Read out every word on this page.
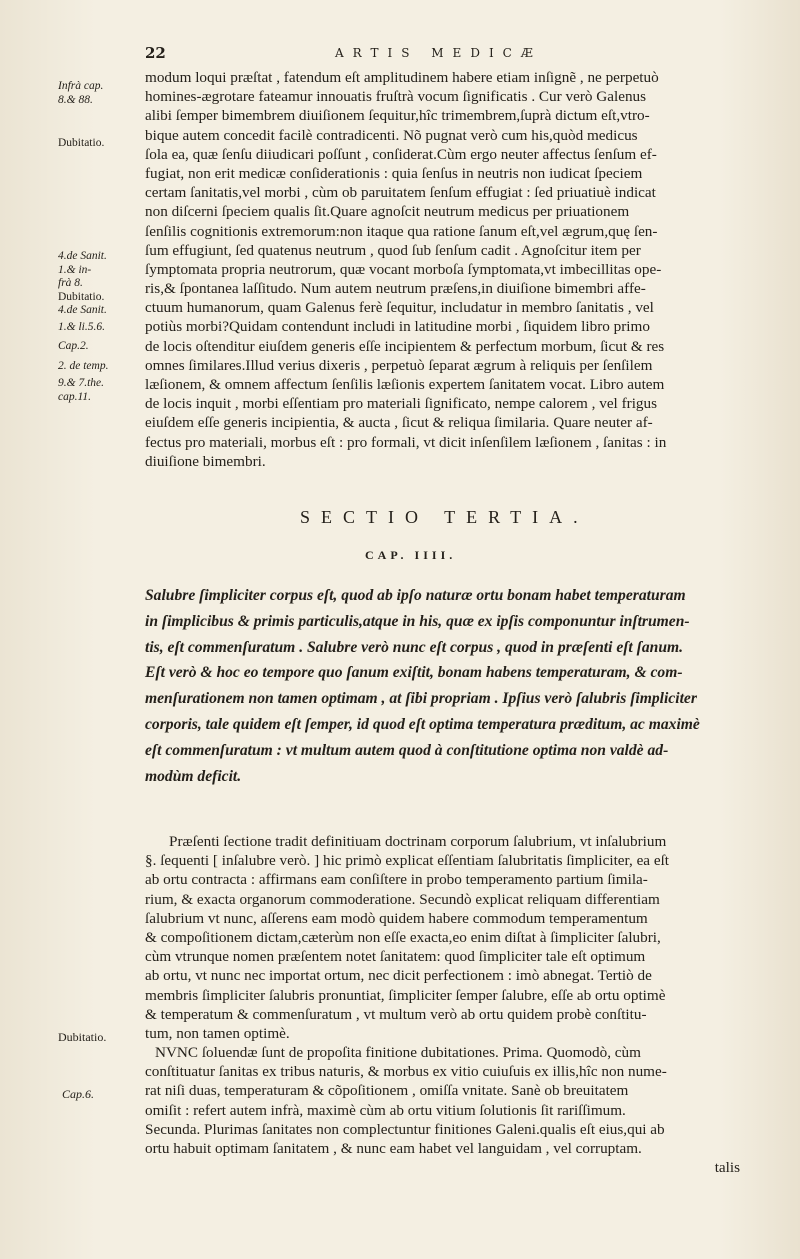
22	ARTIS MEDICÆ
Infrà cap.
8.& 88.
Dubitatio.
4.de Sanit.
1.& in-
frà 8.
Dubitatio.
4.de Sanit.
1.& li.5.6.
Cap.2.
2. de temp.
9.& 7.the.
cap.11.
modum loqui præſtat , fatendum eſt amplitudinem habere etiam inſignẽ , ne perpetuò
homines-ægrotare fateamur innouatis fruſtrà vocum ſignificatis . Cur verò Galenus
alibi ſemper bimembrem diuiſionem ſequitur,hîc trimembrem,ſuprà dictum eſt,vtro-
bique autem concedit facilè contradicenti. Nõ pugnat verò cum his,quòd medicus
ſola ea, quæ ſenſu diiudicari poſſunt , conſiderat.Cùm ergo neuter affectus ſenſum ef-
fugiat, non erit medicæ conſiderationis : quia ſenſus in neutris non iudicat ſpeciem
certam ſanitatis,vel morbi , cùm ob paruitatem ſenſum effugiat : ſed priuatiuè indicat
non diſcerni ſpeciem qualis ſit.Quare agnoſcit neutrum medicus per priuationem
ſenſilis cognitionis extremorum:non itaque qua ratione ſanum eſt,vel ægrum,quę ſen-
ſum effugiunt, ſed quatenus neutrum , quod ſub ſenſum cadit . Agnoſcitur item per
ſymptomata propria neutrorum, quæ vocant morboſa ſymptomata,vt imbecillitas ope-
ris,& ſpontanea laſſitudo. Num autem neutrum præſens,in diuiſione bimembri affe-
ctuum humanorum, quam Galenus ferè ſequitur, includatur in membro ſanitatis , vel
potiùs morbi?Quidam contendunt includi in latitudine morbi , ſiquidem libro primo
de locis oſtenditur eiuſdem generis eſſe incipientem & perfectum morbum, ſicut & res
omnes ſimilares.Illud verius dixeris , perpetuò ſeparat ægrum à reliquis per ſenſilem
læſionem, & omnem affectum ſenſilis læſionis expertem ſanitatem vocat. Libro autem
de locis inquit , morbi eſſentiam pro materiali ſignificato, nempe calorem , vel frigus
eiuſdem eſſe generis incipientia, & aucta , ſicut & reliqua ſimilaria. Quare neuter af-
fectus pro materiali, morbus eſt : pro formali, vt dicit inſenſilem læſionem , ſanitas : in
diuiſione bimembri.
SECTIO TERTIA.
CAP. IIII.
Salubre ſimpliciter corpus eſt, quod ab ipſo naturæ ortu bonam habet temperaturam
in ſimplicibus & primis particulis,atque in his, quæ ex ipſis componuntur inſtrumen-
tis, eſt commenſuratum . Salubre verò nunc eſt corpus , quod in præſenti eſt ſanum.
Eſt verò & hoc eo tempore quo ſanum exiſtit, bonam habens temperaturam, & com-
menſurationem non tamen optimam , at ſibi propriam . Ipſius verò ſalubris ſimpliciter
corporis, tale quidem eſt ſemper, id quod eſt optima temperatura præditum, ac maximè
eſt commenſuratum : vt multum autem quod à conſtitutione optima non valdè ad-
modùm deficit.
Præſenti ſectione tradit definitiuam doctrinam corporum ſalubrium, vt inſalubrium
§. ſequenti [ inſalubre verò. ] hic primò explicat eſſentiam ſalubritatis ſimpliciter, ea eſt
ab ortu contracta : affirmans eam conſiſtere in probo temperamento partium ſimila-
rium, & exacta organorum commoderatione. Secundò explicat reliquam differentiam
ſalubrium vt nunc, aſſerens eam modò quidem habere commodum temperamentum
& compoſitionem dictam,cæterùm non eſſe exacta,eo enim diſtat à ſimpliciter ſalubri,
cùm vtrunque nomen præſentem notet ſanitatem: quod ſimpliciter tale eſt optimum
ab ortu, vt nunc nec importat ortum, nec dicit perfectionem : imò abnegat. Tertiò de
membris ſimpliciter ſalubris pronuntiat, ſimpliciter ſemper ſalubre, eſſe ab ortu optimè
& temperatum & commenſuratum , vt multum verò ab ortu quidem probè conſtitu-
tum, non tamen optimè.
NVNC ſoluendæ ſunt de propoſita finitione dubitationes. Prima. Quomodò, cùm
conſtituatur ſanitas ex tribus naturis, & morbus ex vitio cuiuſuis ex illis,hîc non nume-
rat niſi duas, temperaturam & cõpoſitionem , omiſſa vnitate. Sanè ob breuitatem
omiſit : refert autem infrà, maximè cùm ab ortu vitium ſolutionis ſit rariſſimum.
Secunda. Plurimas ſanitates non complectuntur finitiones Galeni.qualis eſt eius,qui ab
ortu habuit optimam ſanitatem , & nunc eam habet vel languidam , vel corruptam.
talis
Dubitatio.
Cap.6.
